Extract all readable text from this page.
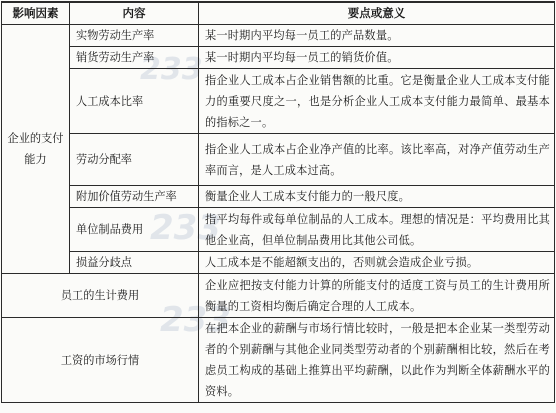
233
233
233
影响因素	内容	要点或意义
企业的支付能力	实物劳动生产率	某一时期内平均每一员工的产品数量。
	销货劳动生产率	某一时期内平均每一员工的销货价值。
	人工成本比率	指企业人工成本占企业销售额的比重。它是衡量企业人工成本支付能力的重要尺度之一，也是分析企业人工成本支付能力最简单、最基本的指标之一。
	劳动分配率	指企业人工成本占企业净产值的比率。该比率高，对净产值劳动生产率而言，是人工成本过高。
	附加价值劳动生产率	衡量企业人工成本支付能力的一般尺度。
	单位制品费用	指平均每件或每单位制品的人工成本。理想的情况是：平均费用比其他企业高，但单位制品费用比其他公司低。
	损益分歧点	人工成本是不能超额支出的，否则就会造成企业亏损。
员工的生计费用		企业应把按支付能力计算的所能支付的适度工资与员工的生计费用所衡量的工资相均衡后确定合理的人工成本。
工资的市场行情		在把本企业的薪酬与市场行情比较时，一般是把本企业某一类型劳动者的个别薪酬与其他企业同类型劳动者的个别薪酬相比较，然后在考虑员工构成的基础上推算出平均薪酬，以此作为判断全体薪酬水平的资料。
